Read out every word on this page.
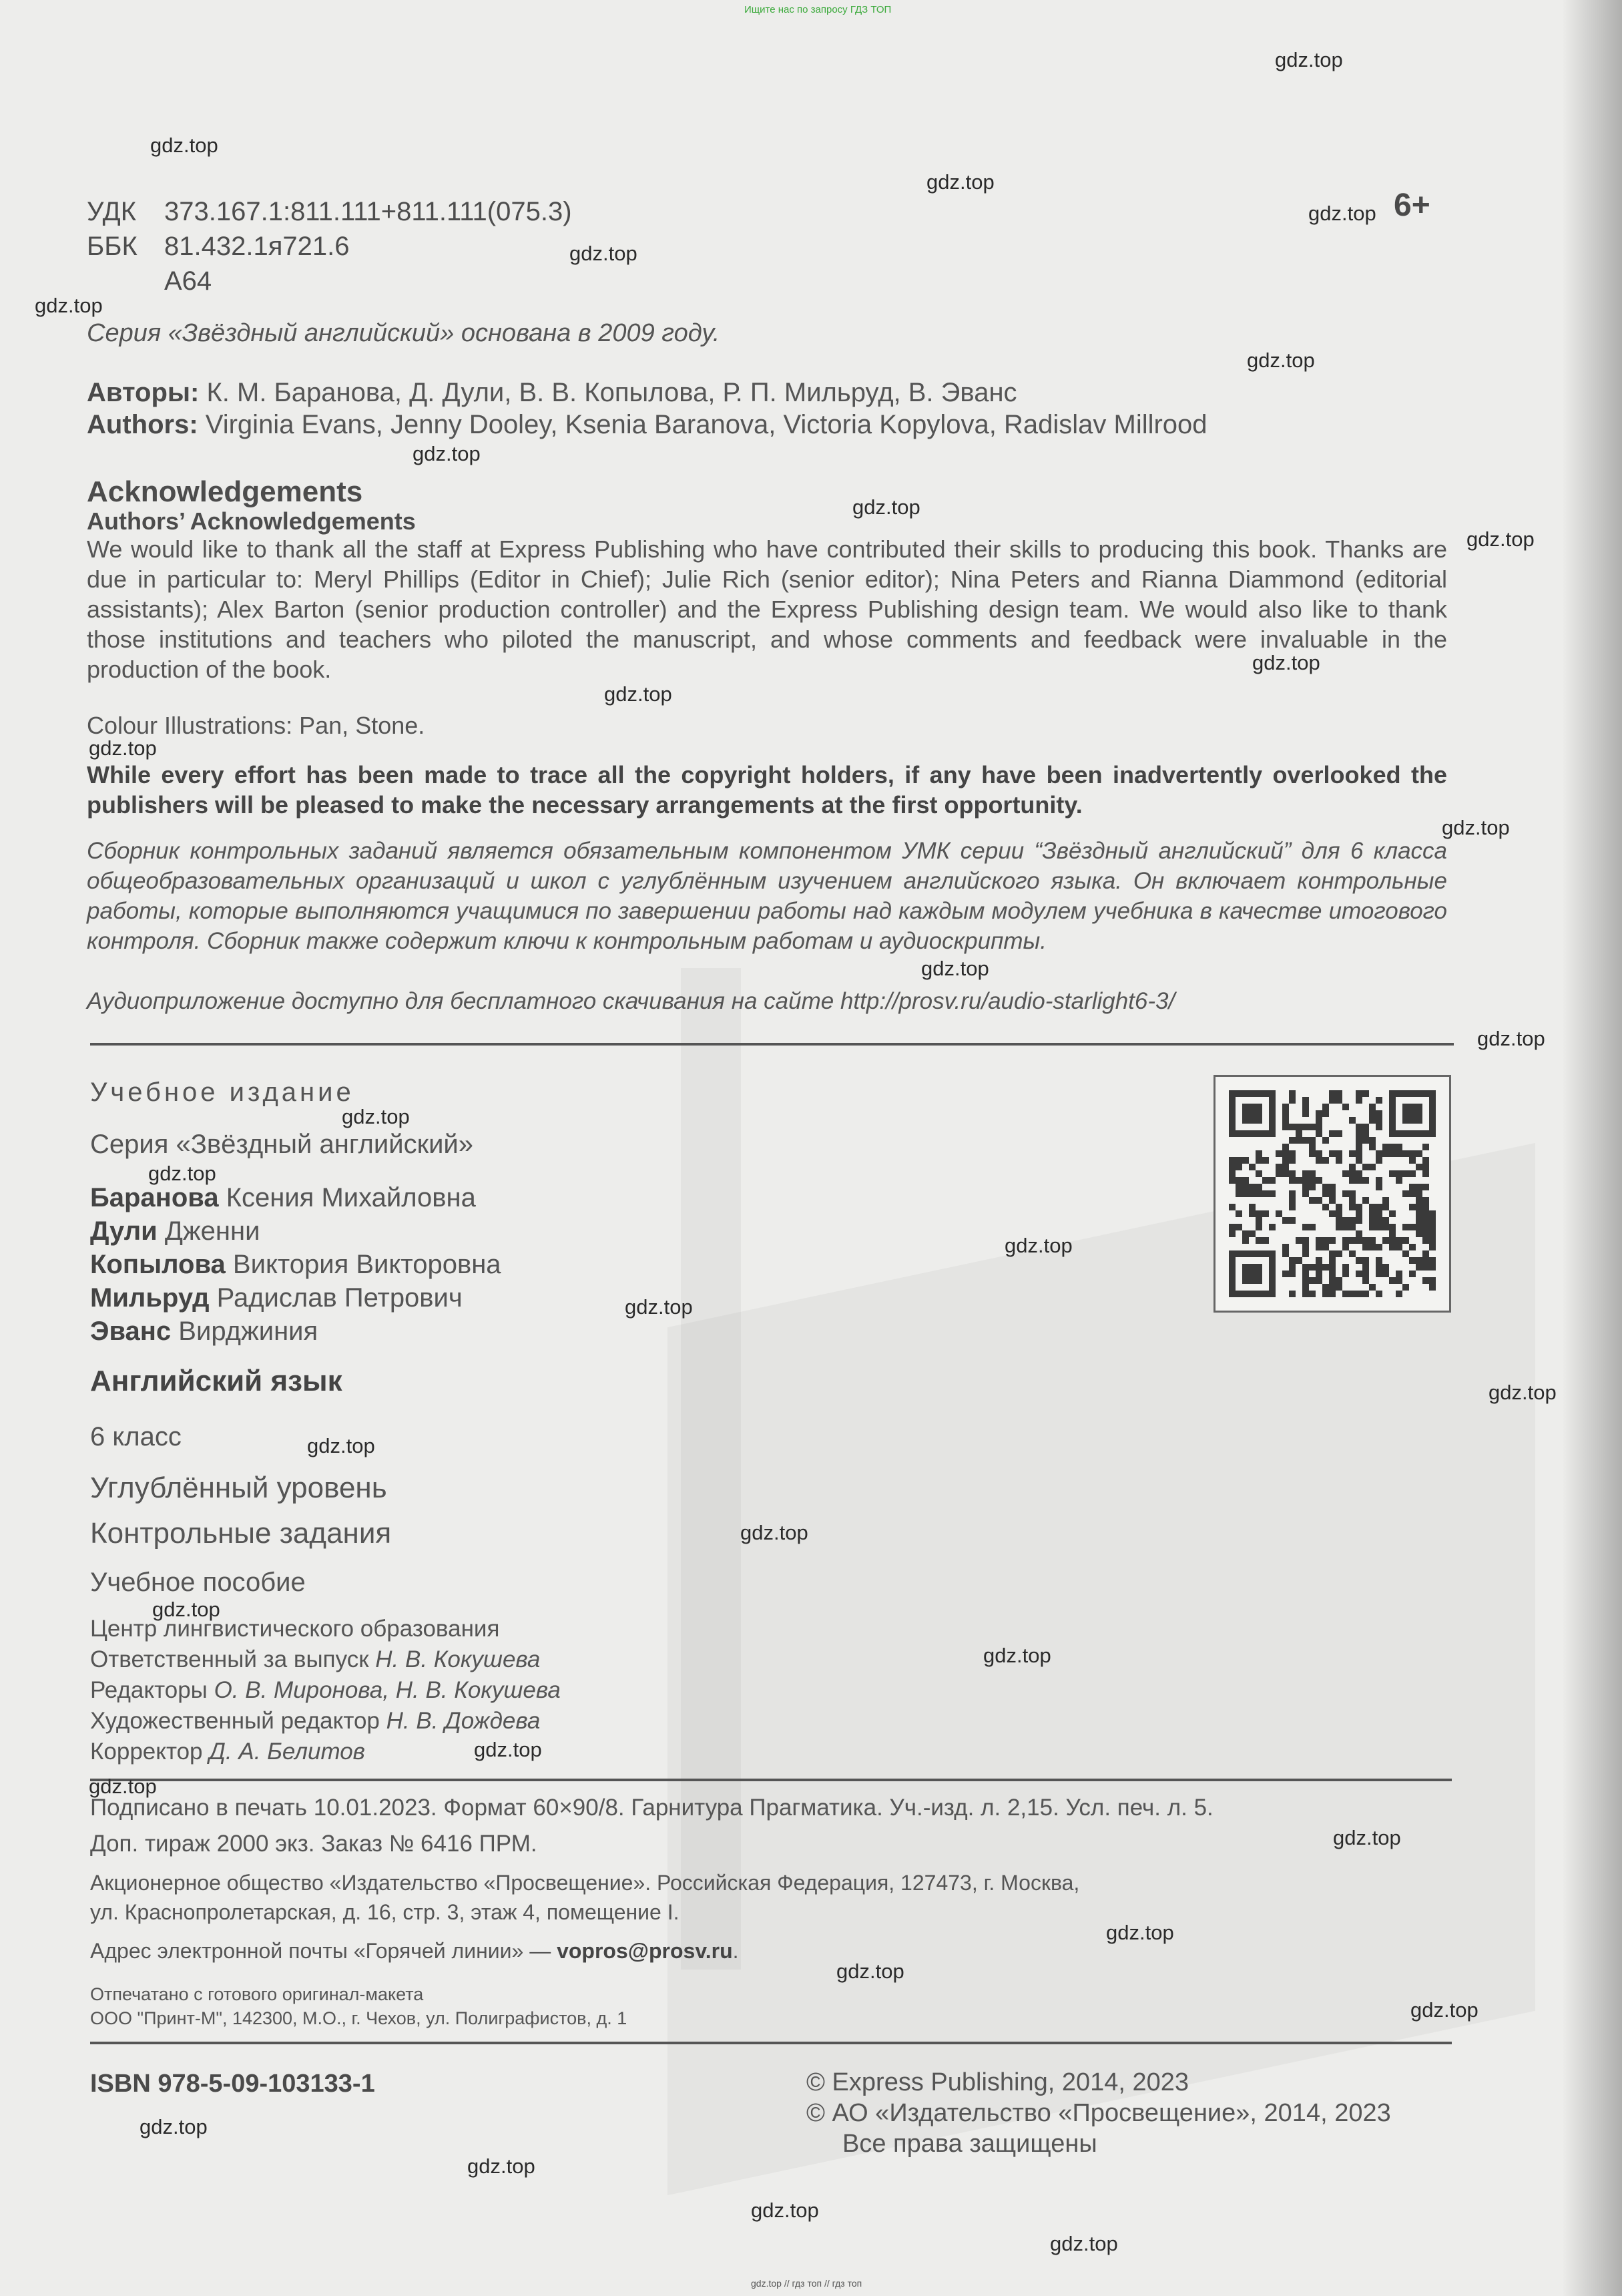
Ищите нас по запросу ГДЗ ТОП
УДК 373.167.1:811.111+811.111(075.3)
ББК 81.432.1я721.6
А64
6+
Серия «Звёздный английский» основана в 2009 году.
Авторы: К. М. Баранова, Д. Дули, В. В. Копылова, Р. П. Мильруд, В. Эванс
Authors: Virginia Evans, Jenny Dooley, Ksenia Baranova, Victoria Kopylova, Radislav Millrood
Acknowledgements
Authors’ Acknowledgements
We would like to thank all the staff at Express Publishing who have contributed their skills to producing this book. Thanks are due in particular to: Meryl Phillips (Editor in Chief); Julie Rich (senior editor); Nina Peters and Rianna Diammond (editorial assistants); Alex Barton (senior production controller) and the Express Publishing design team. We would also like to thank those institutions and teachers who piloted the manuscript, and whose comments and feedback were invaluable in the production of the book.
Colour Illustrations: Pan, Stone.
While every effort has been made to trace all the copyright holders, if any have been inadvertently overlooked the publishers will be pleased to make the necessary arrangements at the first opportunity.
Сборник контрольных заданий является обязательным компонентом УМК серии “Звёздный английский” для 6 класса общеобразовательных организаций и школ с углублённым изучением английского языка. Он включает контрольные работы, которые выполняются учащимися по завершении работы над каждым модулем учебника в качестве итогового контроля. Сборник также содержит ключи к контрольным работам и аудиоскрипты.
Аудиоприложение доступно для бесплатного скачивания на сайте http://prosv.ru/audio-starlight6-3/
Учебное издание
Серия «Звёздный английский»
Баранова Ксения Михайловна
Дули Дженни
Копылова Виктория Викторовна
Мильруд Радислав Петрович
Эванс Вирджиния
Английский язык
6 класс
Углублённый уровень
Контрольные задания
Учебное пособие
Центр лингвистического образования
Ответственный за выпуск Н. В. Кокушева
Редакторы О. В. Миронова, Н. В. Кокушева
Художественный редактор Н. В. Дождева
Корректор Д. А. Белитов
Подписано в печать 10.01.2023. Формат 60×90/8. Гарнитура Прагматика. Уч.-изд. л. 2,15. Усл. печ. л. 5.
Доп. тираж 2000 экз. Заказ № 6416 ПРМ.
Акционерное общество «Издательство «Просвещение». Российская Федерация, 127473, г. Москва,
ул. Краснопролетарская, д. 16, стр. 3, этаж 4, помещение I.
Адрес электронной почты «Горячей линии» — vopros@prosv.ru.
Отпечатано с готового оригинал-макета
ООО "Принт-М", 142300, М.О., г. Чехов, ул. Полиграфистов, д. 1
ISBN 978-5-09-103133-1	© Express Publishing, 2014, 2023
© АО «Издательство «Просвещение», 2014, 2023
Все права защищены
gdz.top
gdz.top
gdz.top
gdz.top
gdz.top
gdz.top
gdz.top
gdz.top
gdz.top
gdz.top
gdz.top
gdz.top
gdz.top
gdz.top
gdz.top
gdz.top
gdz.top
gdz.top
gdz.top
gdz.top
gdz.top
gdz.top
gdz.top
gdz.top
gdz.top
gdz.top
gdz.top
gdz.top
gdz.top
gdz.top
gdz.top
gdz.top
gdz.top
gdz.top
gdz.top
gdz.top // гдз топ // гдз топ
